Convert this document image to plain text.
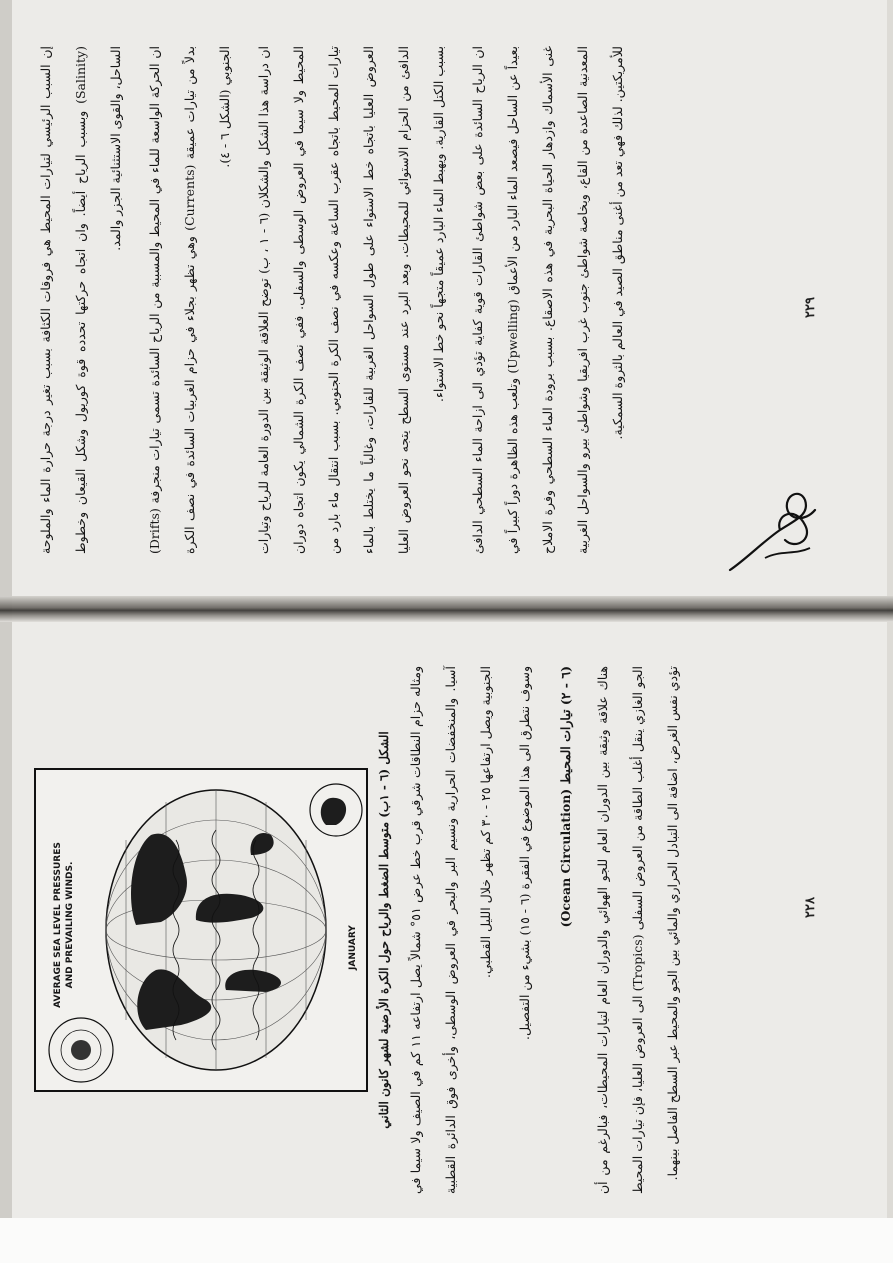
إن السبب الرئيسي لتيارات المحيط هي فروقات الكثافة بسبب تغير درجة حرارة الماء والملوحة (Salinity) وبسبب الرياح أيضاً. وان اتجاه حركتها تحدده قوة كوريول وشكل القيعان وخطوط الساحل، والقوى الاستثنائية الجزر والمد.

ان الحركة الواسعة للماء في المحيط والمسببة من الرياح السائدة تسمى تيارات منجرفة (Drifts) بدلاً من تيارات عميقة (Currents) وهي تظهر بجلاء في حزام الغربيات السائدة في نصف الكرة الجنوبي (الشكل ٦ - ٤).

ان دراسة هذا الشكل والشكلان (٦ - ١ ، ب) توضح العلاقة الوثيقة بين الدورة العامة للرياح وتيارات المحيط ولا سيما في العروض الوسطى والسفلى. ففي نصف الكرة الشمالي يكون اتجاه دوران تيارات المحيط باتجاه عقرب الساعة وعكسه في نصف الكرة الجنوبي. بسبب انتقال ماء بارد من العروض العليا باتجاه خط الاستواء على طول السواحل الغربية للقارات، وغالباً ما يختلط بالماء الدافئ من الحزام الاستوائي للمحيطات. وبعد البرد عند مستوى السطح يتجه نحو العروض العليا بسبب الكتل القارية. ويهبط الماء البارد عميقاً متجهاً نحو خط الاستواء.	ان الرياح السائدة على بعض شواطئ القارات قوية كفاية تؤدي الى ازاحة الماء السطحي الدافئ بعيداً عن الساحل فيصعد الماء البارد من الأعماق (Upwelling) وتلعب هذه الظاهرة دوراً كبيراً في غنى الأسماك وازدهار الحياة البحرية في هذه الاصقاع. بسبب برودة الماء السطحي وفرة الاملاح المعدنية الصاعدة من القاع، وبخاصة شواطئ جنوب غرب افريقيا وشواطئ بيرو والسواحل الغربية للأمريكتين. لذلك فهي تعد من أغنى مناطق الصيد في العالم بالثروة السمكية.	٢٢٩
AVERAGE SEA LEVEL PRESSURES AND PREVAILING WINDS.	JANUARY	الشكل (٦ - ١ب) متوسط الضغط والرياح حول الكرة الأرضية لشهر كانون الثاني

ومثاله حزام النطاقات شرقي قرب خط عرض ٥١° شمالاً يصل ارتفاعه ١١ كم في الصيف ولا سيما في آسيا. والمنخفضات الحرارية ونسيم البر والبحر في العروض الوسطى، وأخرى فوق الدائرة القطبية الجنوبية ويصل ارتفاعها ٢٥ - ٣٠ كم تظهر خلال الليل القطبي.

وسوف نتطرق الى هذا الموضوع في الفقرة (٦ - ١٥) بشيء من التفصيل.

(٦ - ٢) تيارات المحيط (Ocean Circulation)	هناك علاقة وثيقة بين الدوران العام للجو الهوائي والدوران العام لتيارات المحيطات، فبالرغم من أن الجو الغازي ينقل أغلب الطاقة من العروض السفلى (Tropics) الى العروض العليا، فإن تيارات المحيط تؤدي نفس الغرض، اضافة الى التبادل الحراري والمائي بين الجو والمحيط عبر السطح الفاصل بينهما.	٢٢٨
